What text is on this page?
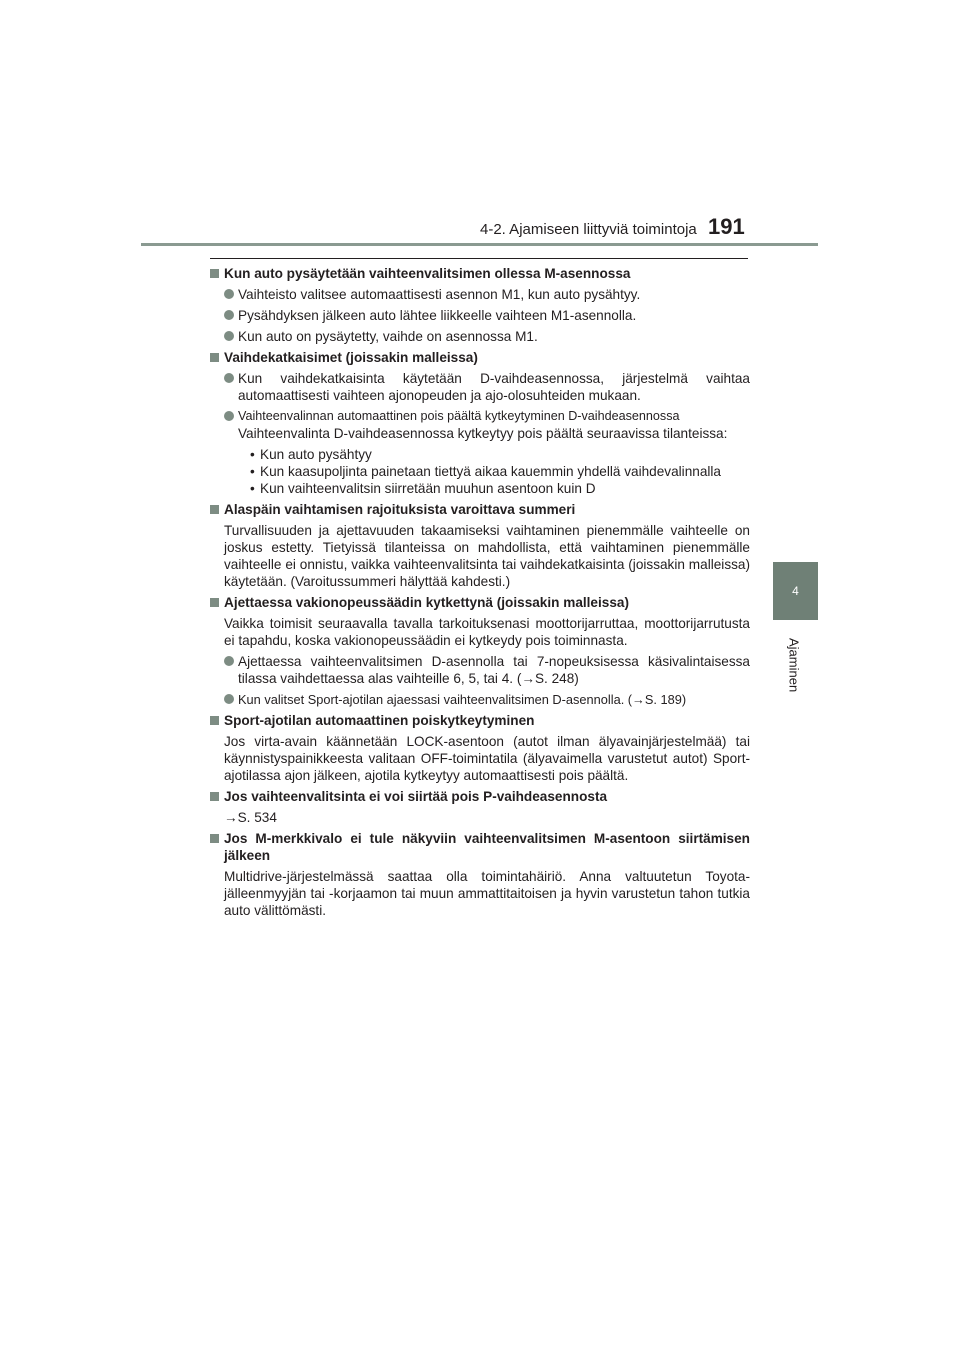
4-2. Ajamiseen liittyviä toimintoja 191
4
Ajaminen

Kun auto pysäytetään vaihteenvalitsimen ollessa M-asennossa

Vaihteisto valitsee automaattisesti asennon M1, kun auto pysähtyy.

Pysähdyksen jälkeen auto lähtee liikkeelle vaihteen M1-asennolla.

Kun auto on pysäytetty, vaihde on asennossa M1.

Vaihdekatkaisimet (joissakin malleissa)

Kun vaihdekatkaisinta käytetään D-vaihdeasennossa, järjestelmä vaihtaa automaattisesti vaihteen ajonopeuden ja ajo-olosuhteiden mukaan.

Vaihteenvalinnan automaattinen pois päältä kytkeytyminen D-vaihdeasennossa
Vaihteenvalinta D-vaihdeasennossa kytkeytyy pois päältä seuraavissa tilanteissa:
• Kun auto pysähtyy
• Kun kaasupoljinta painetaan tiettyä aikaa kauemmin yhdellä vaihdevalinnalla
• Kun vaihteenvalitsin siirretään muuhun asentoon kuin D

Alaspäin vaihtamisen rajoituksista varoittava summeri

Turvallisuuden ja ajettavuuden takaamiseksi vaihtaminen pienemmälle vaihteelle on joskus estetty. Tietyissä tilanteissa on mahdollista, että vaihtaminen pienemmälle vaihteelle ei onnistu, vaikka vaihteenvalitsinta tai vaihdekatkaisinta (joissakin malleissa) käytetään. (Varoitussummeri hälyttää kahdesti.)

Ajettaessa vakionopeussäädin kytkettynä (joissakin malleissa)

Vaikka toimisit seuraavalla tavalla tarkoituksenasi moottorijarruttaa, moottorijarrutusta ei tapahdu, koska vakionopeussäädin ei kytkeydy pois toiminnasta.

Ajettaessa vaihteenvalitsimen D-asennolla tai 7-nopeuksisessa käsivalintaisessa tilassa vaihdettaessa alas vaihteille 6, 5, tai 4. (→S. 248)

Kun valitset Sport-ajotilan ajaessasi vaihteenvalitsimen D-asennolla. (→S. 189)

Sport-ajotilan automaattinen poiskytkeytyminen

Jos virta-avain käännetään LOCK-asentoon (autot ilman älyavainjärjestelmää) tai käynnistyspainikkeesta valitaan OFF-toimintatila (älyavaimella varustetut autot) Sport-ajotilassa ajon jälkeen, ajotila kytkeytyy automaattisesti pois päältä.

Jos vaihteenvalitsinta ei voi siirtää pois P-vaihdeasennosta

→S. 534

Jos M-merkkivalo ei tule näkyviin vaihteenvalitsimen M-asentoon siirtämisen jälkeen

Multidrive-järjestelmässä saattaa olla toimintahäiriö. Anna valtuutetun Toyota-jälleenmyyjän tai -korjaamon tai muun ammattitaitoisen ja hyvin varustetun tahon tutkia auto välittömästi.
